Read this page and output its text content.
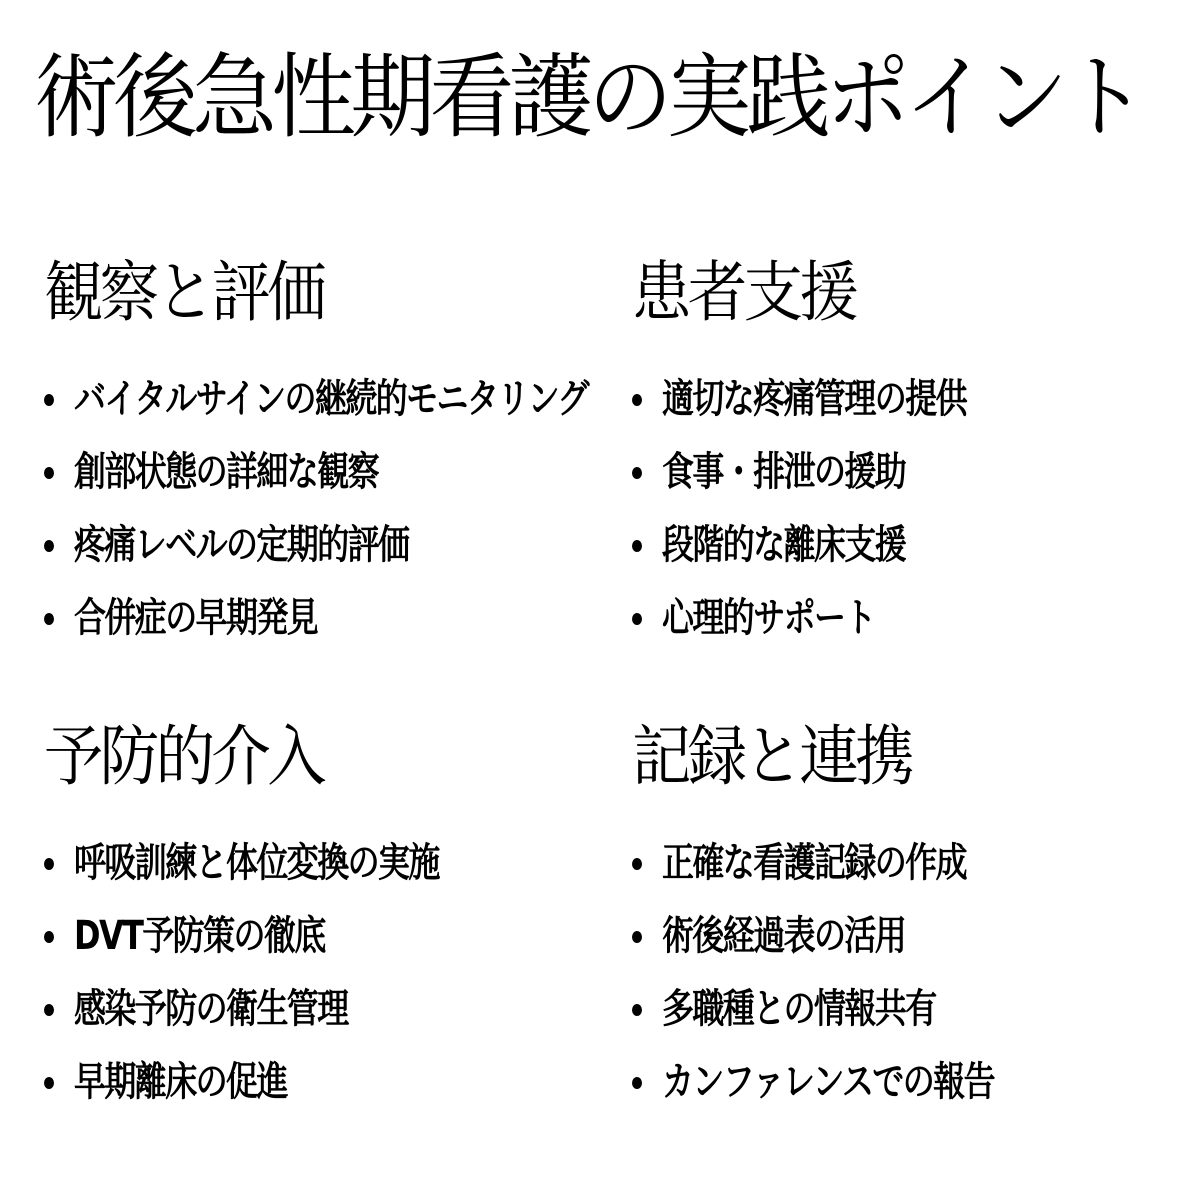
術後急性期看護の実践ポイント
観察と評価
バイタルサインの継続的モニタリング
創部状態の詳細な観察
疼痛レベルの定期的評価
合併症の早期発見
患者支援
適切な疼痛管理の提供
食事・排泄の援助
段階的な離床支援
心理的サポート
予防的介入
呼吸訓練と体位変換の実施
DVT予防策の徹底
感染予防の衛生管理
早期離床の促進
記録と連携
正確な看護記録の作成
術後経過表の活用
多職種との情報共有
カンファレンスでの報告
